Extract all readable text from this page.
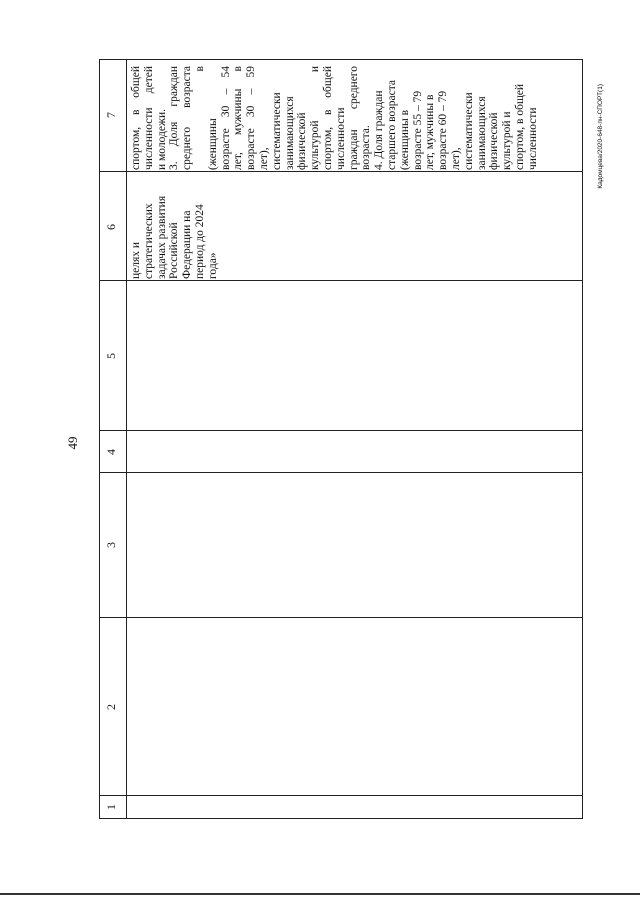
49
1
2
3
4
5
6
7
целях и стратегических задачах развития Российской Федерации на период до 2024 года»
спортом, в общей численности детей и молодежи. 3. Доля граждан среднего возраста в
(женщины возрасте 30 – 54 лет, мужчины в возрасте 30 – 59 лет), систематически занимающихся физической культурой и спортом, в общей численности граждан среднего возраста. 4. Доля граждан старшего возраста (женщины в возрасте 55 – 79 лет, мужчины в возрасте 60 – 79 лет), систематически занимающихся физической культурой и спортом, в общей численности	Кадомцева/2020-648-пн-СПОРТ(1)
